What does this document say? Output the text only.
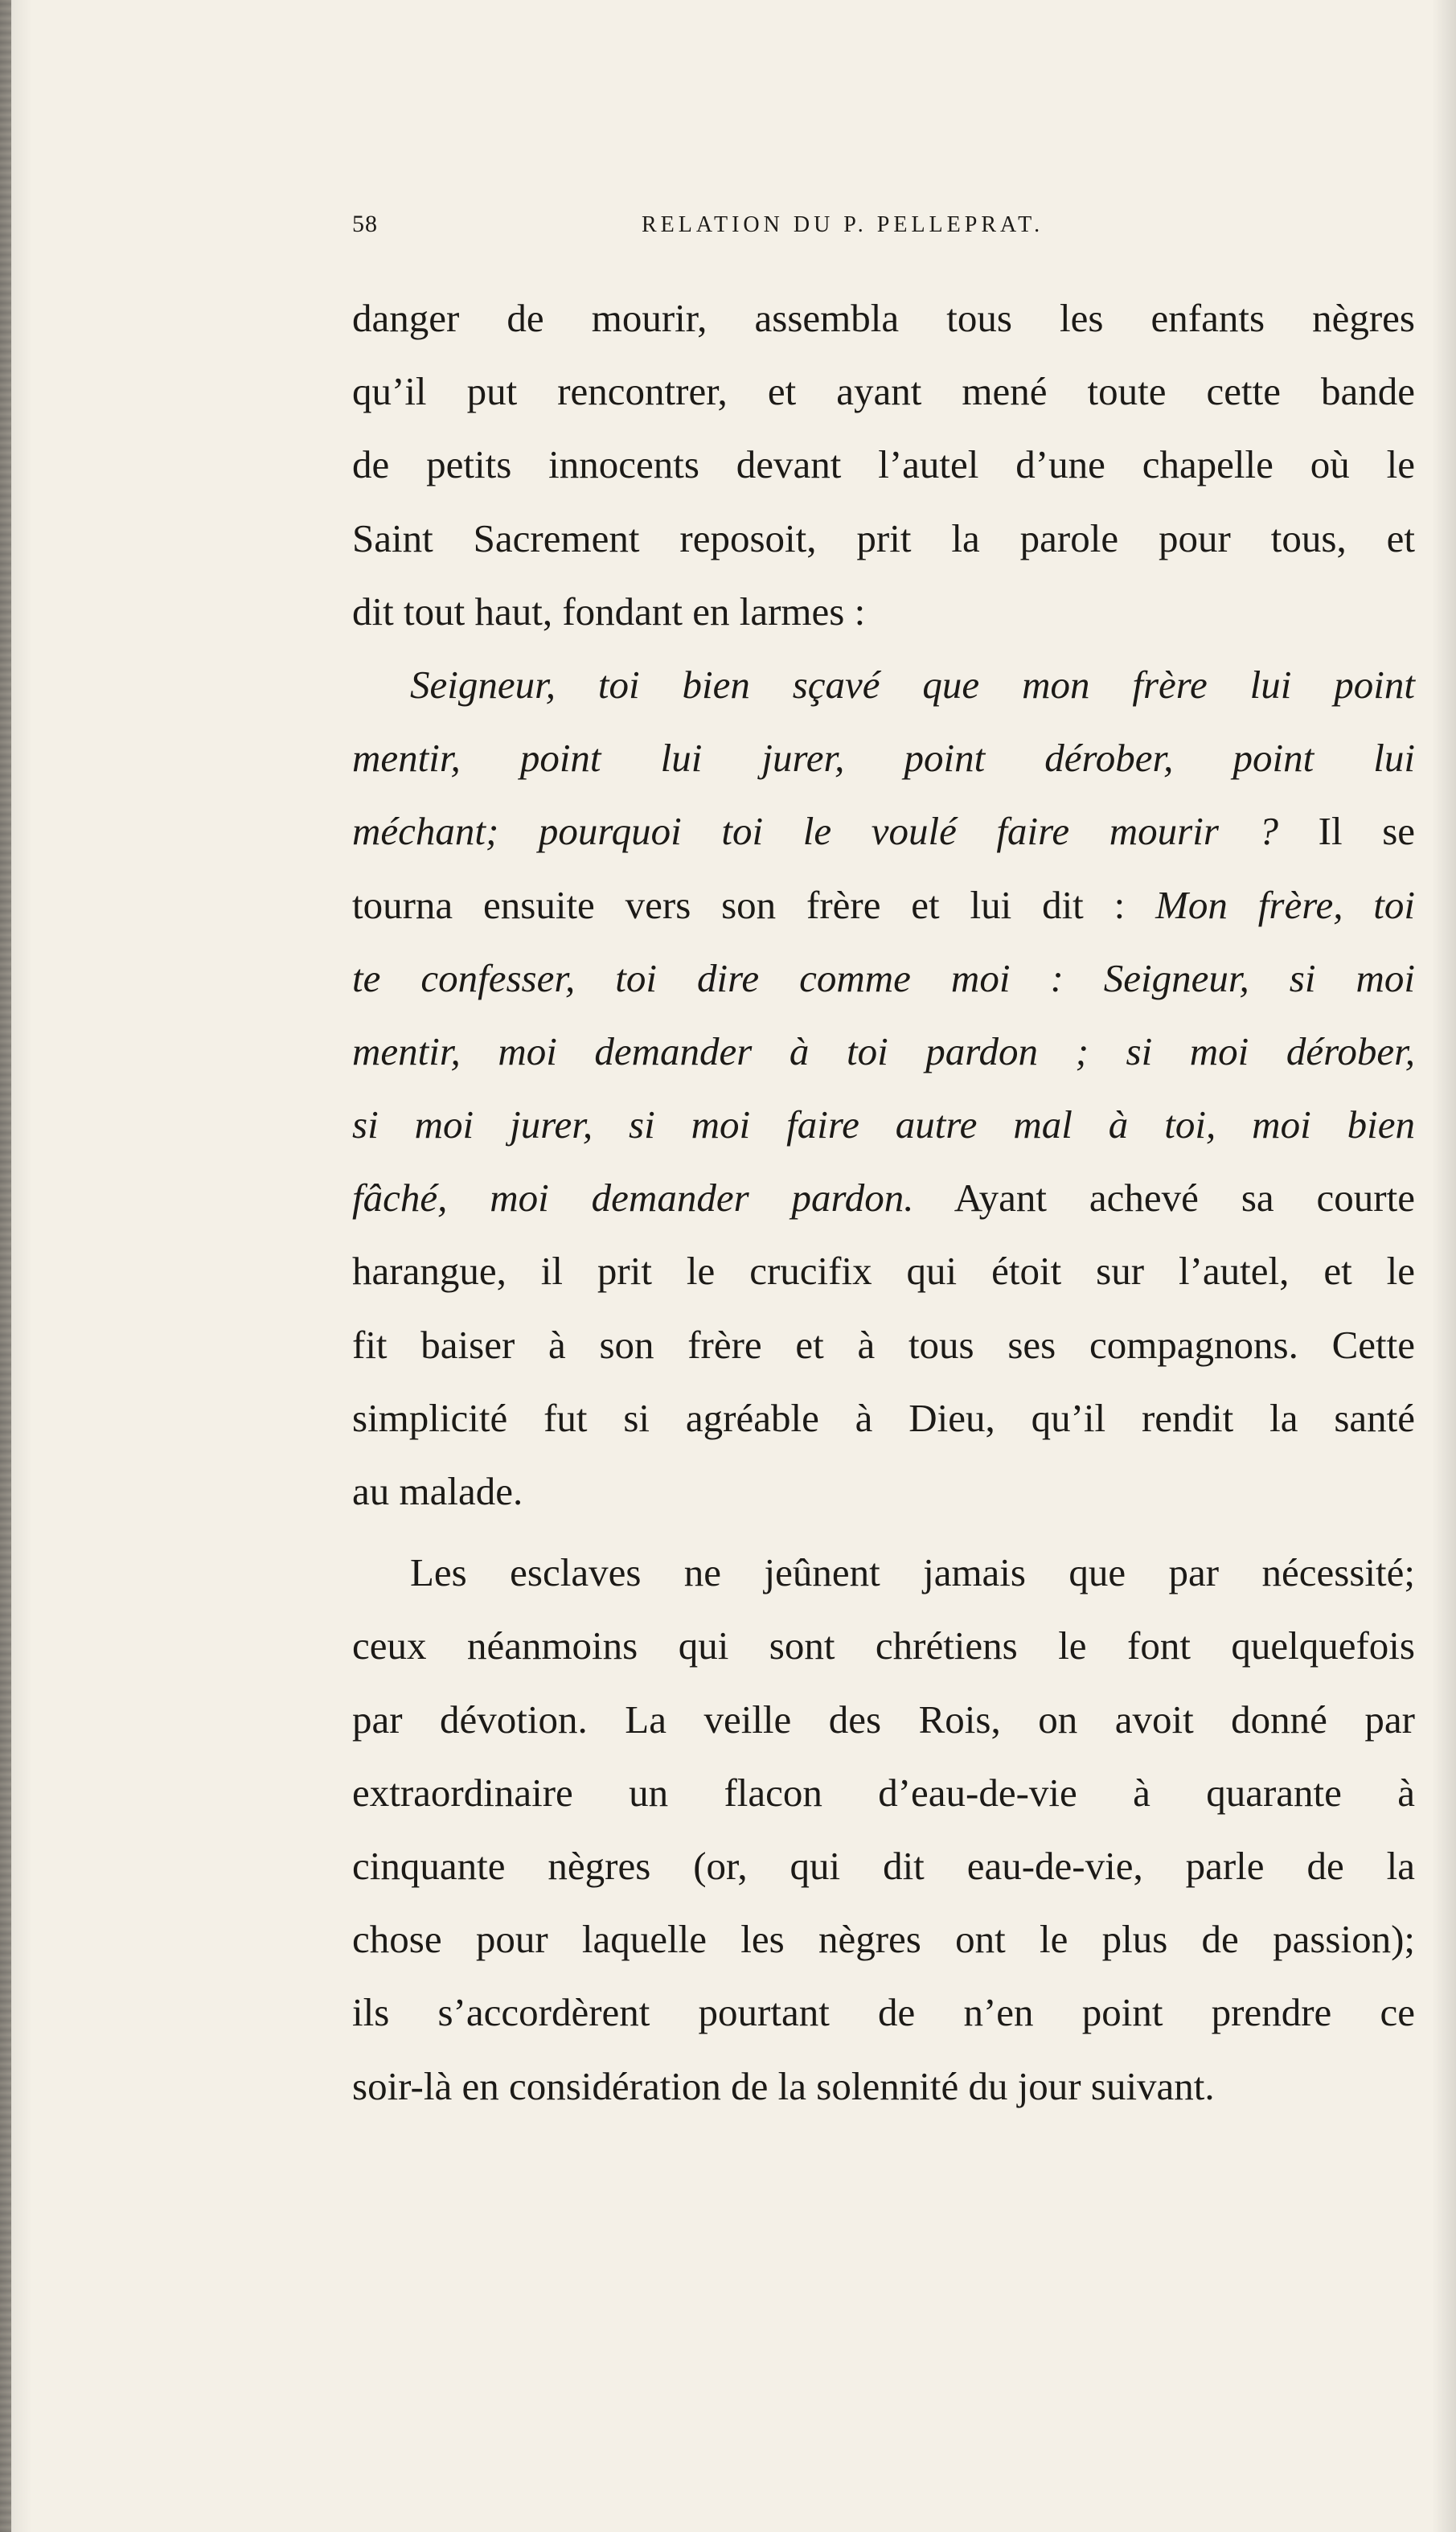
58	RELATION DU P. PELLEPRAT.
danger de mourir, assembla tous les enfants nègres
qu’il put rencontrer, et ayant mené toute cette bande
de petits innocents devant l’autel d’une chapelle où le
Saint Sacrement reposoit, prit la parole pour tous, et
dit tout haut, fondant en larmes :
Seigneur, toi bien sçavé que mon frère lui point
mentir, point lui jurer, point dérober, point lui
méchant; pourquoi toi le voulé faire mourir ? Il se
tourna ensuite vers son frère et lui dit : Mon frère, toi
te confesser, toi dire comme moi : Seigneur, si moi
mentir, moi demander à toi pardon ; si moi dérober,
si moi jurer, si moi faire autre mal à toi, moi bien
fâché, moi demander pardon. Ayant achevé sa courte
harangue, il prit le crucifix qui étoit sur l’autel, et le
fit baiser à son frère et à tous ses compagnons. Cette
simplicité fut si agréable à Dieu, qu’il rendit la santé
au malade.
Les esclaves ne jeûnent jamais que par nécessité;
ceux néanmoins qui sont chrétiens le font quelquefois
par dévotion. La veille des Rois, on avoit donné par
extraordinaire un flacon d’eau-de-vie à quarante à
cinquante nègres (or, qui dit eau-de-vie, parle de la
chose pour laquelle les nègres ont le plus de passion);
ils s’accordèrent pourtant de n’en point prendre ce
soir-là en considération de la solennité du jour suivant.
